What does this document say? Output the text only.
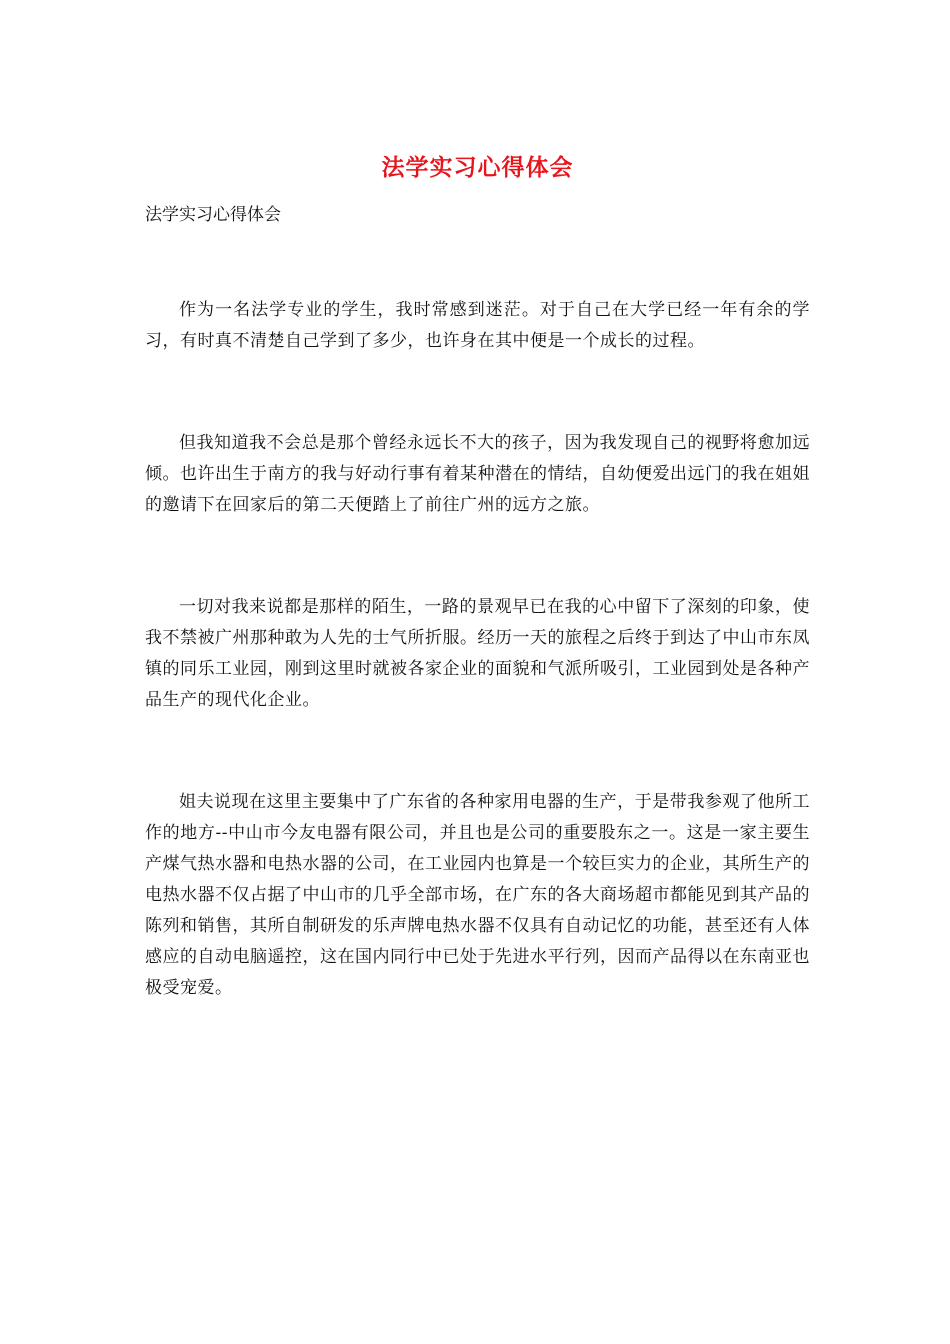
法学实习心得体会

法学实习心得体会

作为一名法学专业的学生，我时常感到迷茫。对于自己在大学已经一年有余的学习，有时真不清楚自己学到了多少，也许身在其中便是一个成长的过程。

但我知道我不会总是那个曾经永远长不大的孩子，因为我发现自己的视野将愈加远倾。也许出生于南方的我与好动行事有着某种潜在的情结，自幼便爱出远门的我在姐姐的邀请下在回家后的第二天便踏上了前往广州的远方之旅。

一切对我来说都是那样的陌生，一路的景观早已在我的心中留下了深刻的印象，使我不禁被广州那种敢为人先的士气所折服。经历一天的旅程之后终于到达了中山市东凤镇的同乐工业园，刚到这里时就被各家企业的面貌和气派所吸引，工业园到处是各种产品生产的现代化企业。

姐夫说现在这里主要集中了广东省的各种家用电器的生产，于是带我参观了他所工作的地方--中山市今友电器有限公司，并且也是公司的重要股东之一。这是一家主要生产煤气热水器和电热水器的公司，在工业园内也算是一个较巨实力的企业，其所生产的电热水器不仅占据了中山市的几乎全部市场，在广东的各大商场超市都能见到其产品的陈列和销售，其所自制研发的乐声牌电热水器不仅具有自动记忆的功能，甚至还有人体感应的自动电脑遥控，这在国内同行中已处于先进水平行列，因而产品得以在东南亚也极受宠爱。
